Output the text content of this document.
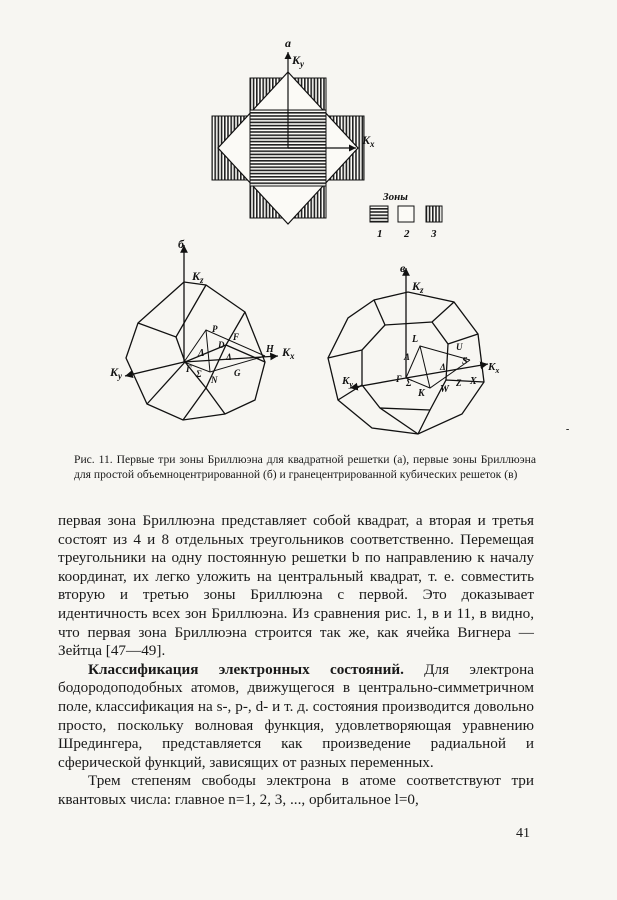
а
$K_y$
$K_x$
Зоны
1 2 3
б
$K_z$
$K_x$
$K_y$
P
F
D
Δ
H
Γ Σ
N
G
Λ
в
$K_z$
$K_x$
$K_y$
L
U
Λ
Δ
X
S
Γ Σ
K W
Z
-

Рис. 11. Первые три зоны Бриллюэна для квадратной решетки (а), первые зоны Бриллюэна для простой объемноцентрированной (б) и гранецентрированной кубических решеток (в)

первая зона Бриллюэна представляет собой квадрат, а вторая и третья состоят из 4 и 8 отдельных треугольников соответственно. Перемещая треугольники на одну постоянную решетки b по направлению к началу координат, их легко уложить на центральный квадрат, т. е. совместить вторую и третью зоны Бриллюэна с первой. Это доказывает идентичность всех зон Бриллюэна. Из сравнения рис. 1, в и 11, в видно, что первая зона Бриллюэна строится так же, как ячейка Вигнера — Зейтца [47—49].

Классификация электронных состояний. Для электрона бодородоподобных атомов, движущегося в центрально-симметричном поле, классификация на s-, p-, d- и т. д. состояния производится довольно просто, поскольку волновая функция, удовлетворяющая уравнению Шредингера, представляется как произведение радиальной и сферической функций, зависящих от разных переменных.

Трем степеням свободы электрона в атоме соответствуют три квантовых числа: главное n=1, 2, 3, ..., орбитальное l=0,

41
